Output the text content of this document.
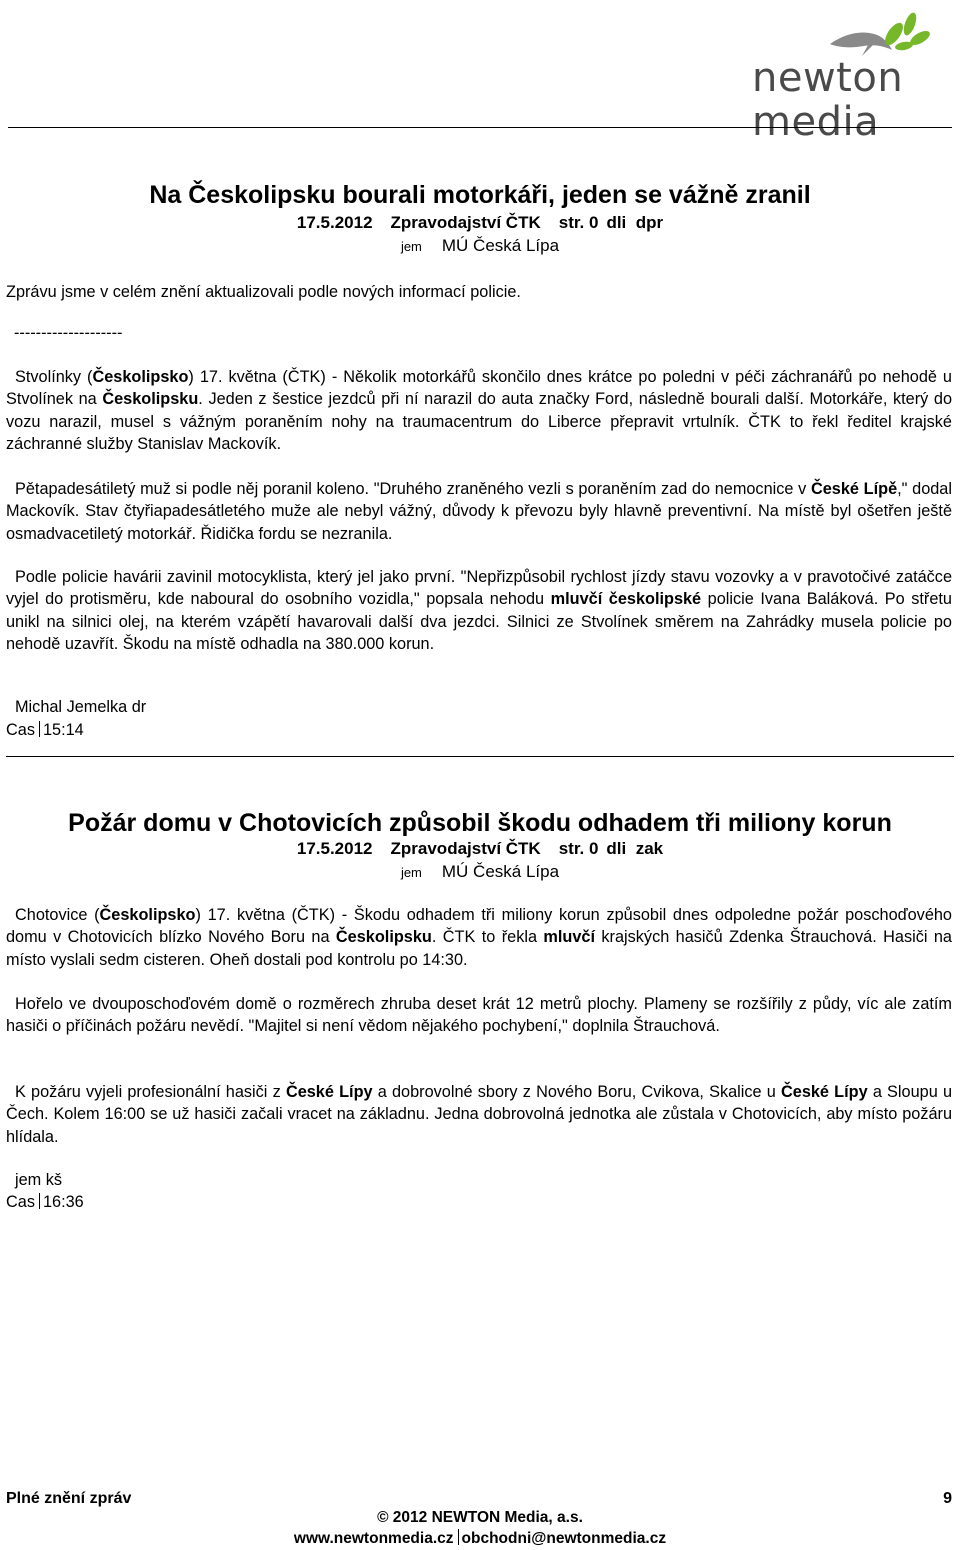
newton media
Na Českolipsku bourali motorkáři, jeden se vážně zranil
17.5.2012 Zpravodajství ČTK str. 0 dli  dpr
jem MÚ Česká Lípa
Zprávu jsme v celém znění aktualizovali podle nových informací policie.
--------------------
Stvolínky (Českolipsko) 17. května (ČTK) - Několik motorkářů skončilo dnes krátce po poledni v péči záchranářů po nehodě u Stvolínek na Českolipsku. Jeden z šestice jezdců při ní narazil do auta značky Ford, následně bourali další. Motorkáře, který do vozu narazil, musel s vážným poraněním nohy na traumacentrum do Liberce přepravit vrtulník. ČTK to řekl ředitel krajské záchranné služby Stanislav Mackovík.
Pětapadesátiletý muž si podle něj poranil koleno. "Druhého zraněného vezli s poraněním zad do nemocnice v České Lípě," dodal Mackovík. Stav čtyřiapadesátletého muže ale nebyl vážný, důvody k převozu byly hlavně preventivní. Na místě byl ošetřen ještě osmadvacetiletý motorkář. Řidička fordu se nezranila.
Podle policie havárii zavinil motocyklista, který jel jako první. "Nepřizpůsobil rychlost jízdy stavu vozovky a v pravotočivé zatáčce vyjel do protisměru, kde naboural do osobního vozidla," popsala nehodu mluvčí českolipské policie Ivana Baláková. Po střetu unikl na silnici olej, na kterém vzápětí havarovali další dva jezdci. Silnici ze Stvolínek směrem na Zahrádky musela policie po nehodě uzavřít. Škodu na místě odhadla na 380.000 korun.
Michal Jemelka dr
Cas 15:14
Požár domu v Chotovicích způsobil škodu odhadem tři miliony korun
17.5.2012 Zpravodajství ČTK str. 0 dli  zak
jem MÚ Česká Lípa
Chotovice (Českolipsko) 17. května (ČTK) - Škodu odhadem tři miliony korun způsobil dnes odpoledne požár poschoďového domu v Chotovicích blízko Nového Boru na Českolipsku. ČTK to řekla mluvčí krajských hasičů Zdenka Štrauchová. Hasiči na místo vyslali sedm cisteren. Oheň dostali pod kontrolu po 14:30.
Hořelo ve dvouposchoďovém domě o rozměrech zhruba deset krát 12 metrů plochy. Plameny se rozšířily z půdy, víc ale zatím hasiči o příčinách požáru nevědí. "Majitel si není vědom nějakého pochybení," doplnila Štrauchová.
K požáru vyjeli profesionální hasiči z České Lípy a dobrovolné sbory z Nového Boru, Cvikova, Skalice u České Lípy a Sloupu u Čech. Kolem 16:00 se už hasiči začali vracet na základnu. Jedna dobrovolná jednotka ale zůstala v Chotovicích, aby místo požáru hlídala.
jem kš
Cas 16:36
Plné znění zpráv	9
© 2012 NEWTON Media, a.s.
www.newtonmedia.cz obchodni@newtonmedia.cz
